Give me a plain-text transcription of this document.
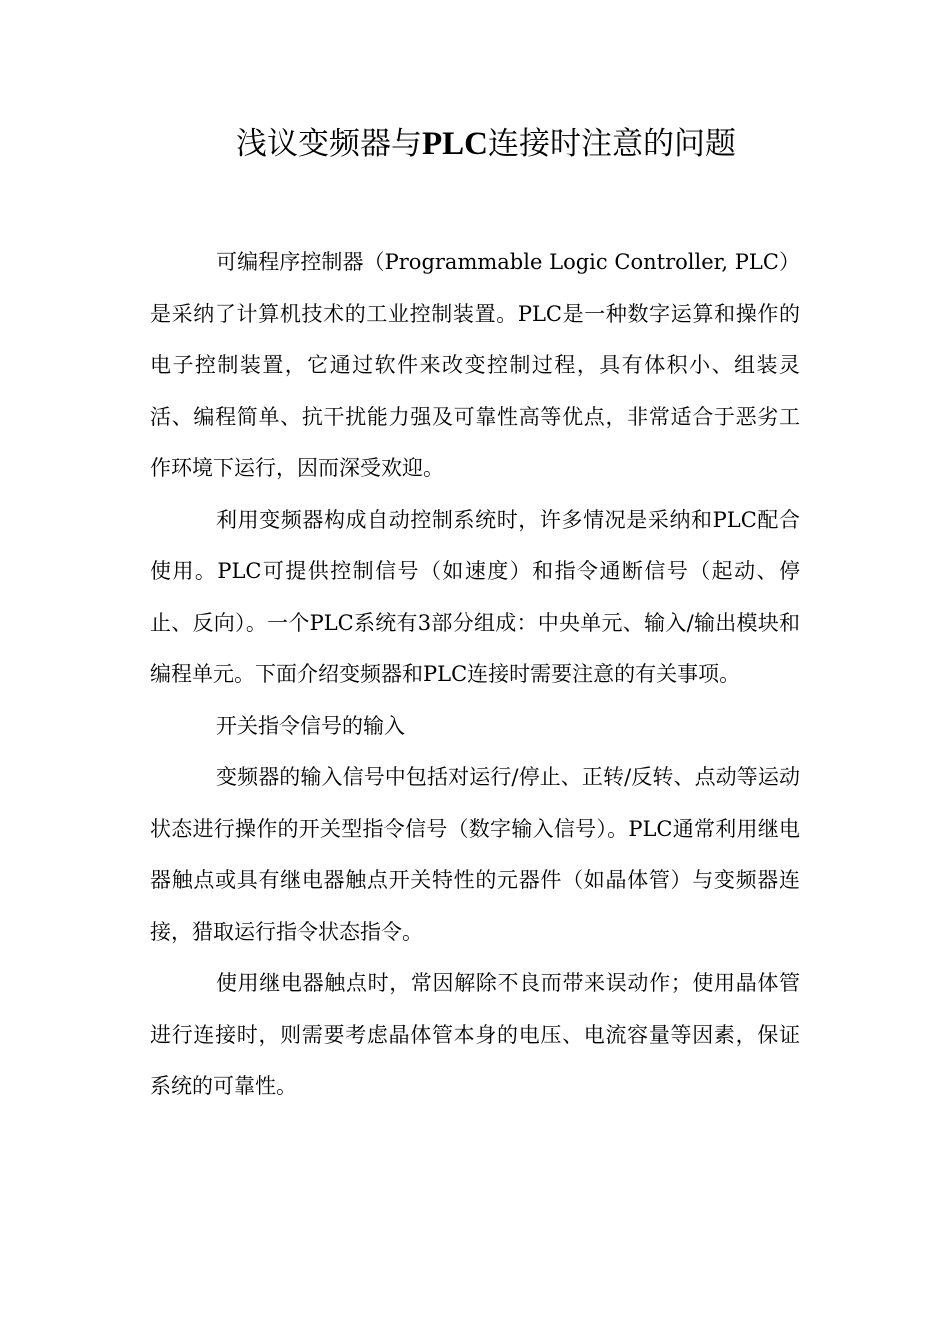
浅议变频器与PLC连接时注意的问题

可编程序控制器（Programmable Logic Controller, PLC）是采纳了计算机技术的工业控制装置。PLC是一种数字运算和操作的电子控制装置，它通过软件来改变控制过程，具有体积小、组装灵活、编程简单、抗干扰能力强及可靠性高等优点，非常适合于恶劣工作环境下运行，因而深受欢迎。

利用变频器构成自动控制系统时，许多情况是采纳和PLC配合使用。PLC可提供控制信号（如速度）和指令通断信号（起动、停止、反向）。一个PLC系统有3部分组成：中央单元、输入/输出模块和编程单元。下面介绍变频器和PLC连接时需要注意的有关事项。

开关指令信号的输入

变频器的输入信号中包括对运行/停止、正转/反转、点动等运动状态进行操作的开关型指令信号（数字输入信号）。PLC通常利用继电器触点或具有继电器触点开关特性的元器件（如晶体管）与变频器连接，猎取运行指令状态指令。

使用继电器触点时，常因解除不良而带来误动作；使用晶体管进行连接时，则需要考虑晶体管本身的电压、电流容量等因素，保证系统的可靠性。
